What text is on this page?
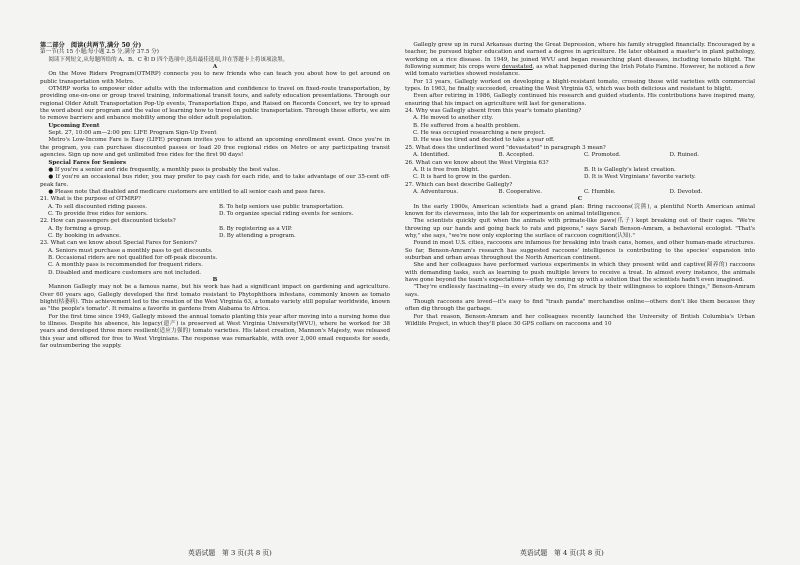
第二部分　阅读(共两节,满分 50 分)

第一节(共 15 小题;每小题 2.5 分,满分 37.5 分)

阅读下列短文,从每题所给的 A、B、C 和 D 四个选项中,选出最佳选项,并在答题卡上将该项涂黑。

A

On the Move Riders Program(OTMRP) connects you to new friends who can teach you about how to get around on public transportation with Metro.

OTMRP works to empower older adults with the information and confidence to travel on fixed-route transportation, by providing one-on-one or group travel training, informational transit tours, and safety education presentations. Through our regional Older Adult Transportation Pop-Up events, Transportation Expo, and Raised on Records Concert, we try to spread the word about our program and the value of learning how to travel on public transportation. Through these efforts, we aim to remove barriers and enhance mobility among the older adult population.

Upcoming Event

Sept. 27, 10:00 am—2:00 pm: LIFE Program Sign-Up Event

Metro's Low-Income Fare is Easy (LIFE) program invites you to attend an upcoming enrollment event. Once you're in the program, you can purchase discounted passes or load 20 free regional rides on Metro or any participating transit agencies. Sign up now and get unlimited free rides for the first 90 days!

Special Fares for Seniors

● If you're a senior and ride frequently, a monthly pass is probably the best value.

● If you're an occasional bus rider, you may prefer to pay cash for each ride, and to take advantage of our 35-cent off-peak fare.

● Please note that disabled and medicare customers are entitled to all senior cash and pass fares.

21. What is the purpose of OTMRP?

A. To sell discounted riding passes.	B. To help seniors use public transportation.
C. To provide free rides for seniors.	D. To organize special riding events for seniors.

22. How can passengers get discounted tickets?

A. By forming a group.	B. By registering as a VIP.
C. By booking in advance.	D. By attending a program.

23. What can we know about Special Fares for Seniors?

A. Seniors must purchase a monthly pass to get discounts.

B. Occasional riders are not qualified for off-peak discounts.

C. A monthly pass is recommended for frequent riders.

D. Disabled and medicare customers are not included.

B

Mannon Gallegly may not be a famous name, but his work has had a significant impact on gardening and agriculture. Over 60 years ago, Gallegly developed the first tomato resistant to Phytophthora infestans, commonly known as tomato blight(枯萎病). This achievement led to the creation of the West Virginia 63, a tomato variety still popular worldwide, known as "the people's tomato". It remains a favorite in gardens from Alabama to Africa.

For the first time since 1949, Gallegly missed the annual tomato planting this year after moving into a nursing home due to illness. Despite his absence, his legacy(遗产) is preserved at West Virginia University(WVU), where he worked for 38 years and developed three more resilient(适应力强的) tomato varieties. His latest creation, Mannon's Majesty, was released this year and offered for free to West Virginians. The response was remarkable, with over 2,000 email requests for seeds, far outnumbering the supply.

Gallegly grew up in rural Arkansas during the Great Depression, where his family struggled financially. Encouraged by a teacher, he pursued higher education and earned a degree in agriculture. He later obtained a master's in plant pathology, working on a rice disease. In 1949, he joined WVU and began researching plant diseases, including tomato blight. The following summer, his crops were devastated, as what happened during the Irish Potato Famine. However, he noticed a few wild tomato varieties showed resistance.

For 13 years, Gallegly worked on developing a blight-resistant tomato, crossing those wild varieties with commercial types. In 1963, he finally succeeded, creating the West Virginia 63, which was both delicious and resistant to blight.

Even after retiring in 1986, Gallegly continued his research and guided students. His contributions have inspired many, ensuring that his impact on agriculture will last for generations.

24. Why was Gallegly absent from this year's tomato planting?

A. He moved to another city.

B. He suffered from a health problem.

C. He was occupied researching a new project.

D. He was too tired and decided to take a year off.

25. What does the underlined word "devastated" in paragraph 3 mean?

A. Identified.	B. Accepted.	C. Promoted.	D. Ruined.

26. What can we know about the West Virginia 63?

A. It is free from blight.	B. It is Gallegly's latest creation.
C. It is hard to grow in the garden.	D. It is West Virginians' favorite variety.

27. Which can best describe Gallegly?

A. Adventurous.	B. Cooperative.	C. Humble.	D. Devoted.

C

In the early 1900s, American scientists had a grand plan: Bring raccoons(浣熊), a plentiful North American animal known for its cleverness, into the lab for experiments on animal intelligence.

The scientists quickly quit when the animals with primate-like paws(爪子) kept breaking out of their cages. "We're throwing up our hands and going back to rats and pigeons," says Sarah Benson-Amram, a behavioral ecologist. "That's why," she says, "we're now only exploring the surface of raccoon cognition(认知)."

Found in most U.S. cities, raccoons are infamous for breaking into trash cans, homes, and other human-made structures. So far, Benson-Amram's research has suggested raccoons' intelligence is contributing to the species' expansion into suburban and urban areas throughout the North American continent.

She and her colleagues have performed various experiments in which they present wild and captive(圈养的) raccoons with demanding tasks, such as learning to push multiple levers to receive a treat. In almost every instance, the animals have gone beyond the team's expectations—often by coming up with a solution that the scientists hadn't even imagined.

"They're endlessly fascinating—in every study we do, I'm struck by their willingness to explore things," Benson-Amram says.

Though raccoons are loved—it's easy to find "trash panda" merchandise online—others don't like them because they often dig through the garbage.

For that reason, Benson-Amram and her colleagues recently launched the University of British Columbia's Urban Wildlife Project, in which they'll place 30 GPS collars on raccoons and 10

英语试题　第 3 页(共 8 页)	英语试题　第 4 页(共 8 页)
